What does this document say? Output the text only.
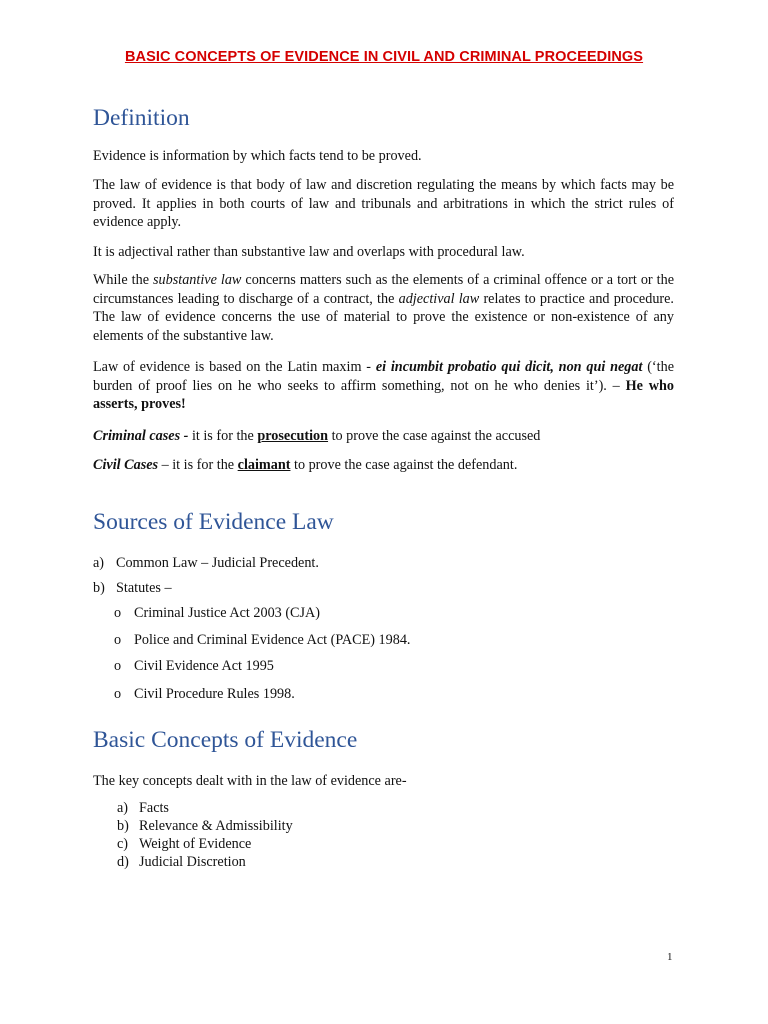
BASIC CONCEPTS OF EVIDENCE IN CIVIL AND CRIMINAL PROCEEDINGS
Definition

Evidence is information by which facts tend to be proved.

The law of evidence is that body of law and discretion regulating the means by which facts may be proved. It applies in both courts of law and tribunals and arbitrations in which the strict rules of evidence apply.

It is adjectival rather than substantive law and overlaps with procedural law.

While the substantive law concerns matters such as the elements of a criminal offence or a tort or the circumstances leading to discharge of a contract, the adjectival law relates to practice and procedure. The law of evidence concerns the use of material to prove the existence or non-existence of any elements of the substantive law.

Law of evidence is based on the Latin maxim - ei incumbit probatio qui dicit, non qui negat (‘the burden of proof lies on he who seeks to affirm something, not on he who denies it’). – He who asserts, proves!

Criminal cases - it is for the prosecution to prove the case against the accused

Civil Cases – it is for the claimant to prove the case against the defendant.

Sources of Evidence Law
a) Common Law – Judicial Precedent.
b) Statutes –
o Criminal Justice Act 2003 (CJA)
o Police and Criminal Evidence Act (PACE) 1984.
o Civil Evidence Act 1995
o Civil Procedure Rules 1998.
Basic Concepts of Evidence

The key concepts dealt with in the law of evidence are-

a) Facts
b) Relevance & Admissibility
c) Weight of Evidence
d) Judicial Discretion
1
